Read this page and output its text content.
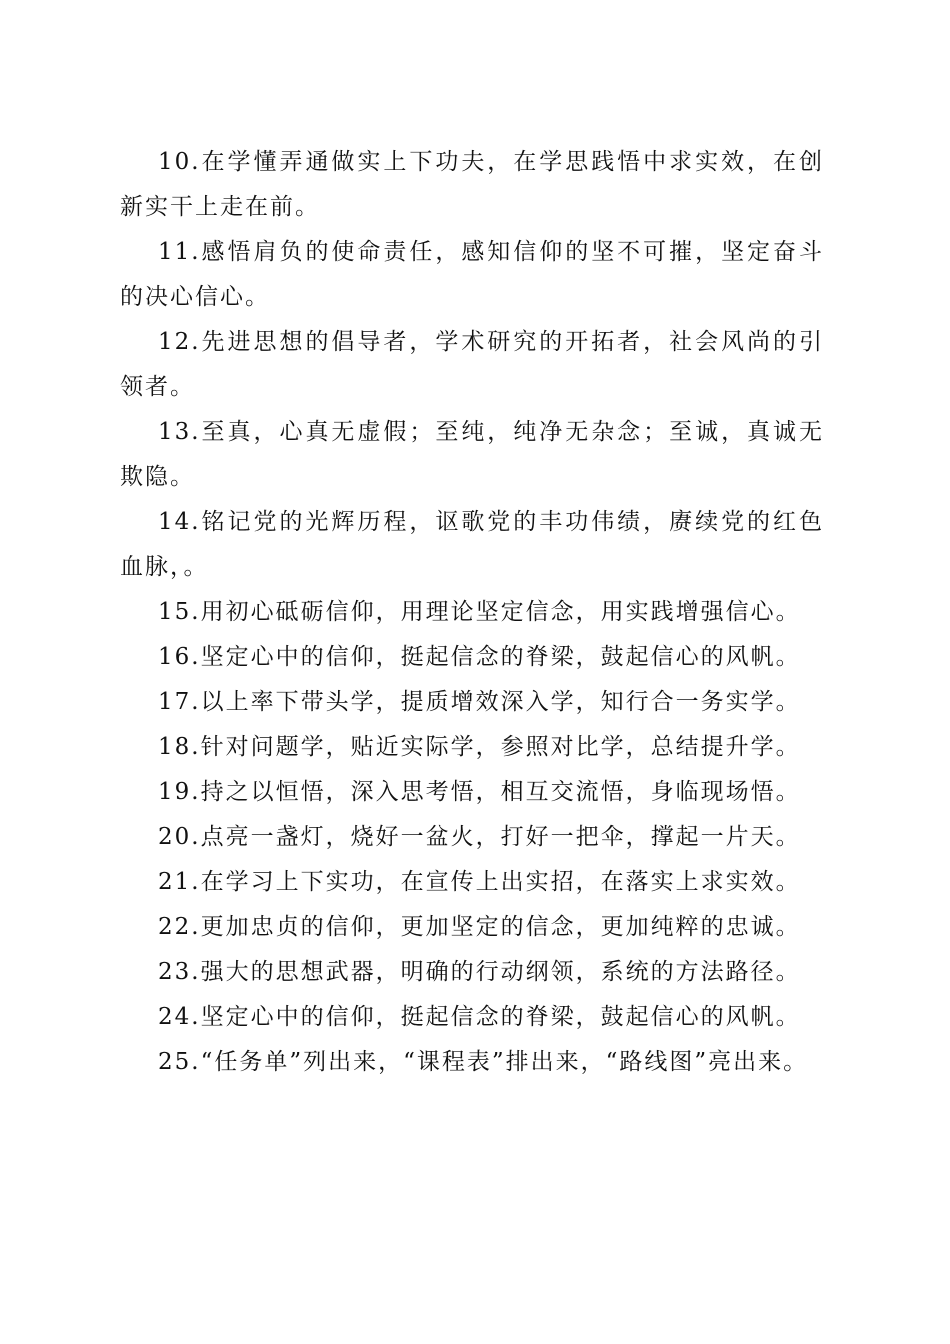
10.在学懂弄通做实上下功夫，在学思践悟中求实效，在创新实干上走在前。

11.感悟肩负的使命责任，感知信仰的坚不可摧，坚定奋斗的决心信心。

12.先进思想的倡导者，学术研究的开拓者，社会风尚的引领者。

13.至真，心真无虚假；至纯，纯净无杂念；至诚，真诚无欺隐。

14.铭记党的光辉历程，讴歌党的丰功伟绩，赓续党的红色血脉，。

15.用初心砥砺信仰，用理论坚定信念，用实践增强信心。

16.坚定心中的信仰，挺起信念的脊梁，鼓起信心的风帆。

17.以上率下带头学，提质增效深入学，知行合一务实学。

18.针对问题学，贴近实际学，参照对比学，总结提升学。

19.持之以恒悟，深入思考悟，相互交流悟，身临现场悟。

20.点亮一盏灯，烧好一盆火，打好一把伞，撑起一片天。

21.在学习上下实功，在宣传上出实招，在落实上求实效。

22.更加忠贞的信仰，更加坚定的信念，更加纯粹的忠诚。

23.强大的思想武器，明确的行动纲领，系统的方法路径。

24.坚定心中的信仰，挺起信念的脊梁，鼓起信心的风帆。

25.“任务单”列出来，“课程表”排出来，“路线图”亮出来。
